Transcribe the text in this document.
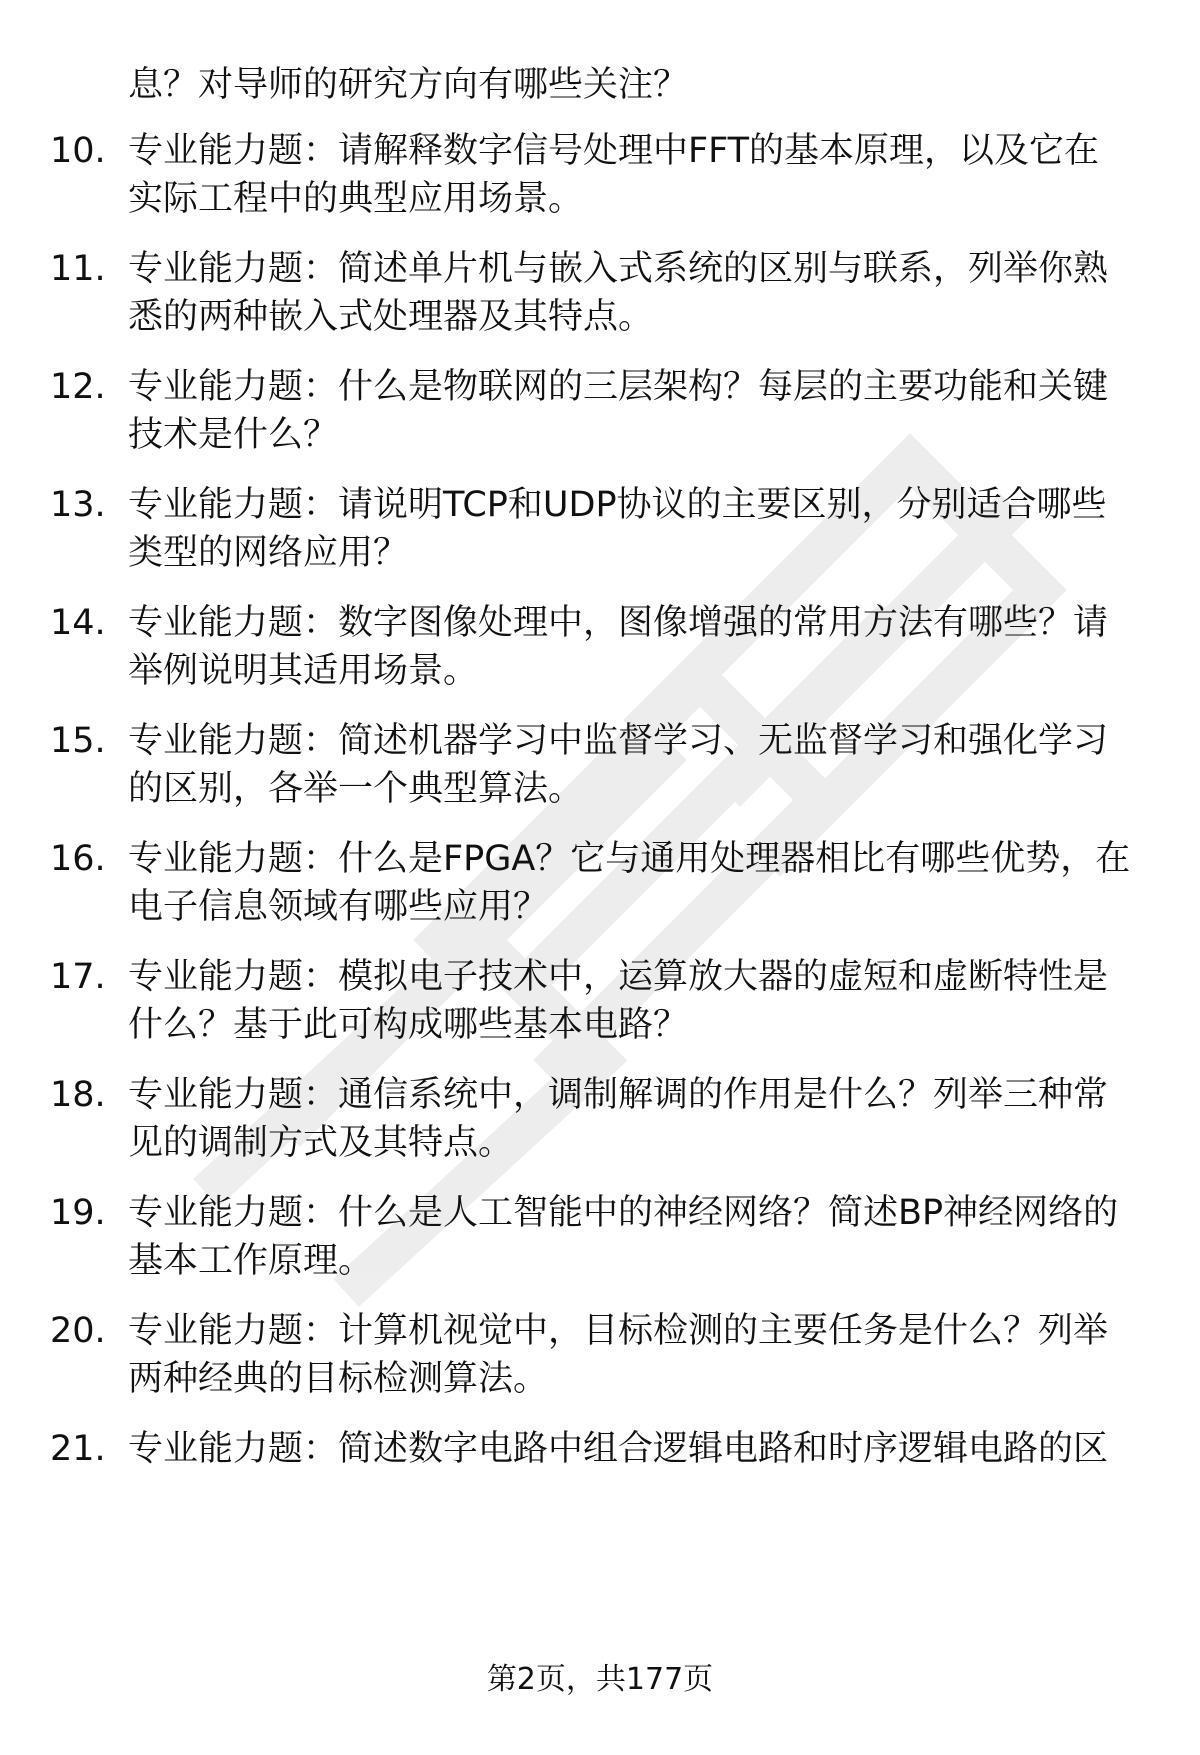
息？对导师的研究方向有哪些关注？
10. 专业能力题：请解释数字信号处理中FFT的基本原理，以及它在
实际工程中的典型应用场景。
11. 专业能力题：简述单片机与嵌入式系统的区别与联系，列举你熟
悉的两种嵌入式处理器及其特点。
12. 专业能力题：什么是物联网的三层架构？每层的主要功能和关键
技术是什么？
13. 专业能力题：请说明TCP和UDP协议的主要区别，分别适合哪些
类型的网络应用？
14. 专业能力题：数字图像处理中，图像增强的常用方法有哪些？请
举例说明其适用场景。
15. 专业能力题：简述机器学习中监督学习、无监督学习和强化学习
的区别，各举一个典型算法。
16. 专业能力题：什么是FPGA？它与通用处理器相比有哪些优势，在
电子信息领域有哪些应用？
17. 专业能力题：模拟电子技术中，运算放大器的虚短和虚断特性是
什么？基于此可构成哪些基本电路？
18. 专业能力题：通信系统中，调制解调的作用是什么？列举三种常
见的调制方式及其特点。
19. 专业能力题：什么是人工智能中的神经网络？简述BP神经网络的
基本工作原理。
20. 专业能力题：计算机视觉中，目标检测的主要任务是什么？列举
两种经典的目标检测算法。
21. 专业能力题：简述数字电路中组合逻辑电路和时序逻辑电路的区
第2页，共177页
